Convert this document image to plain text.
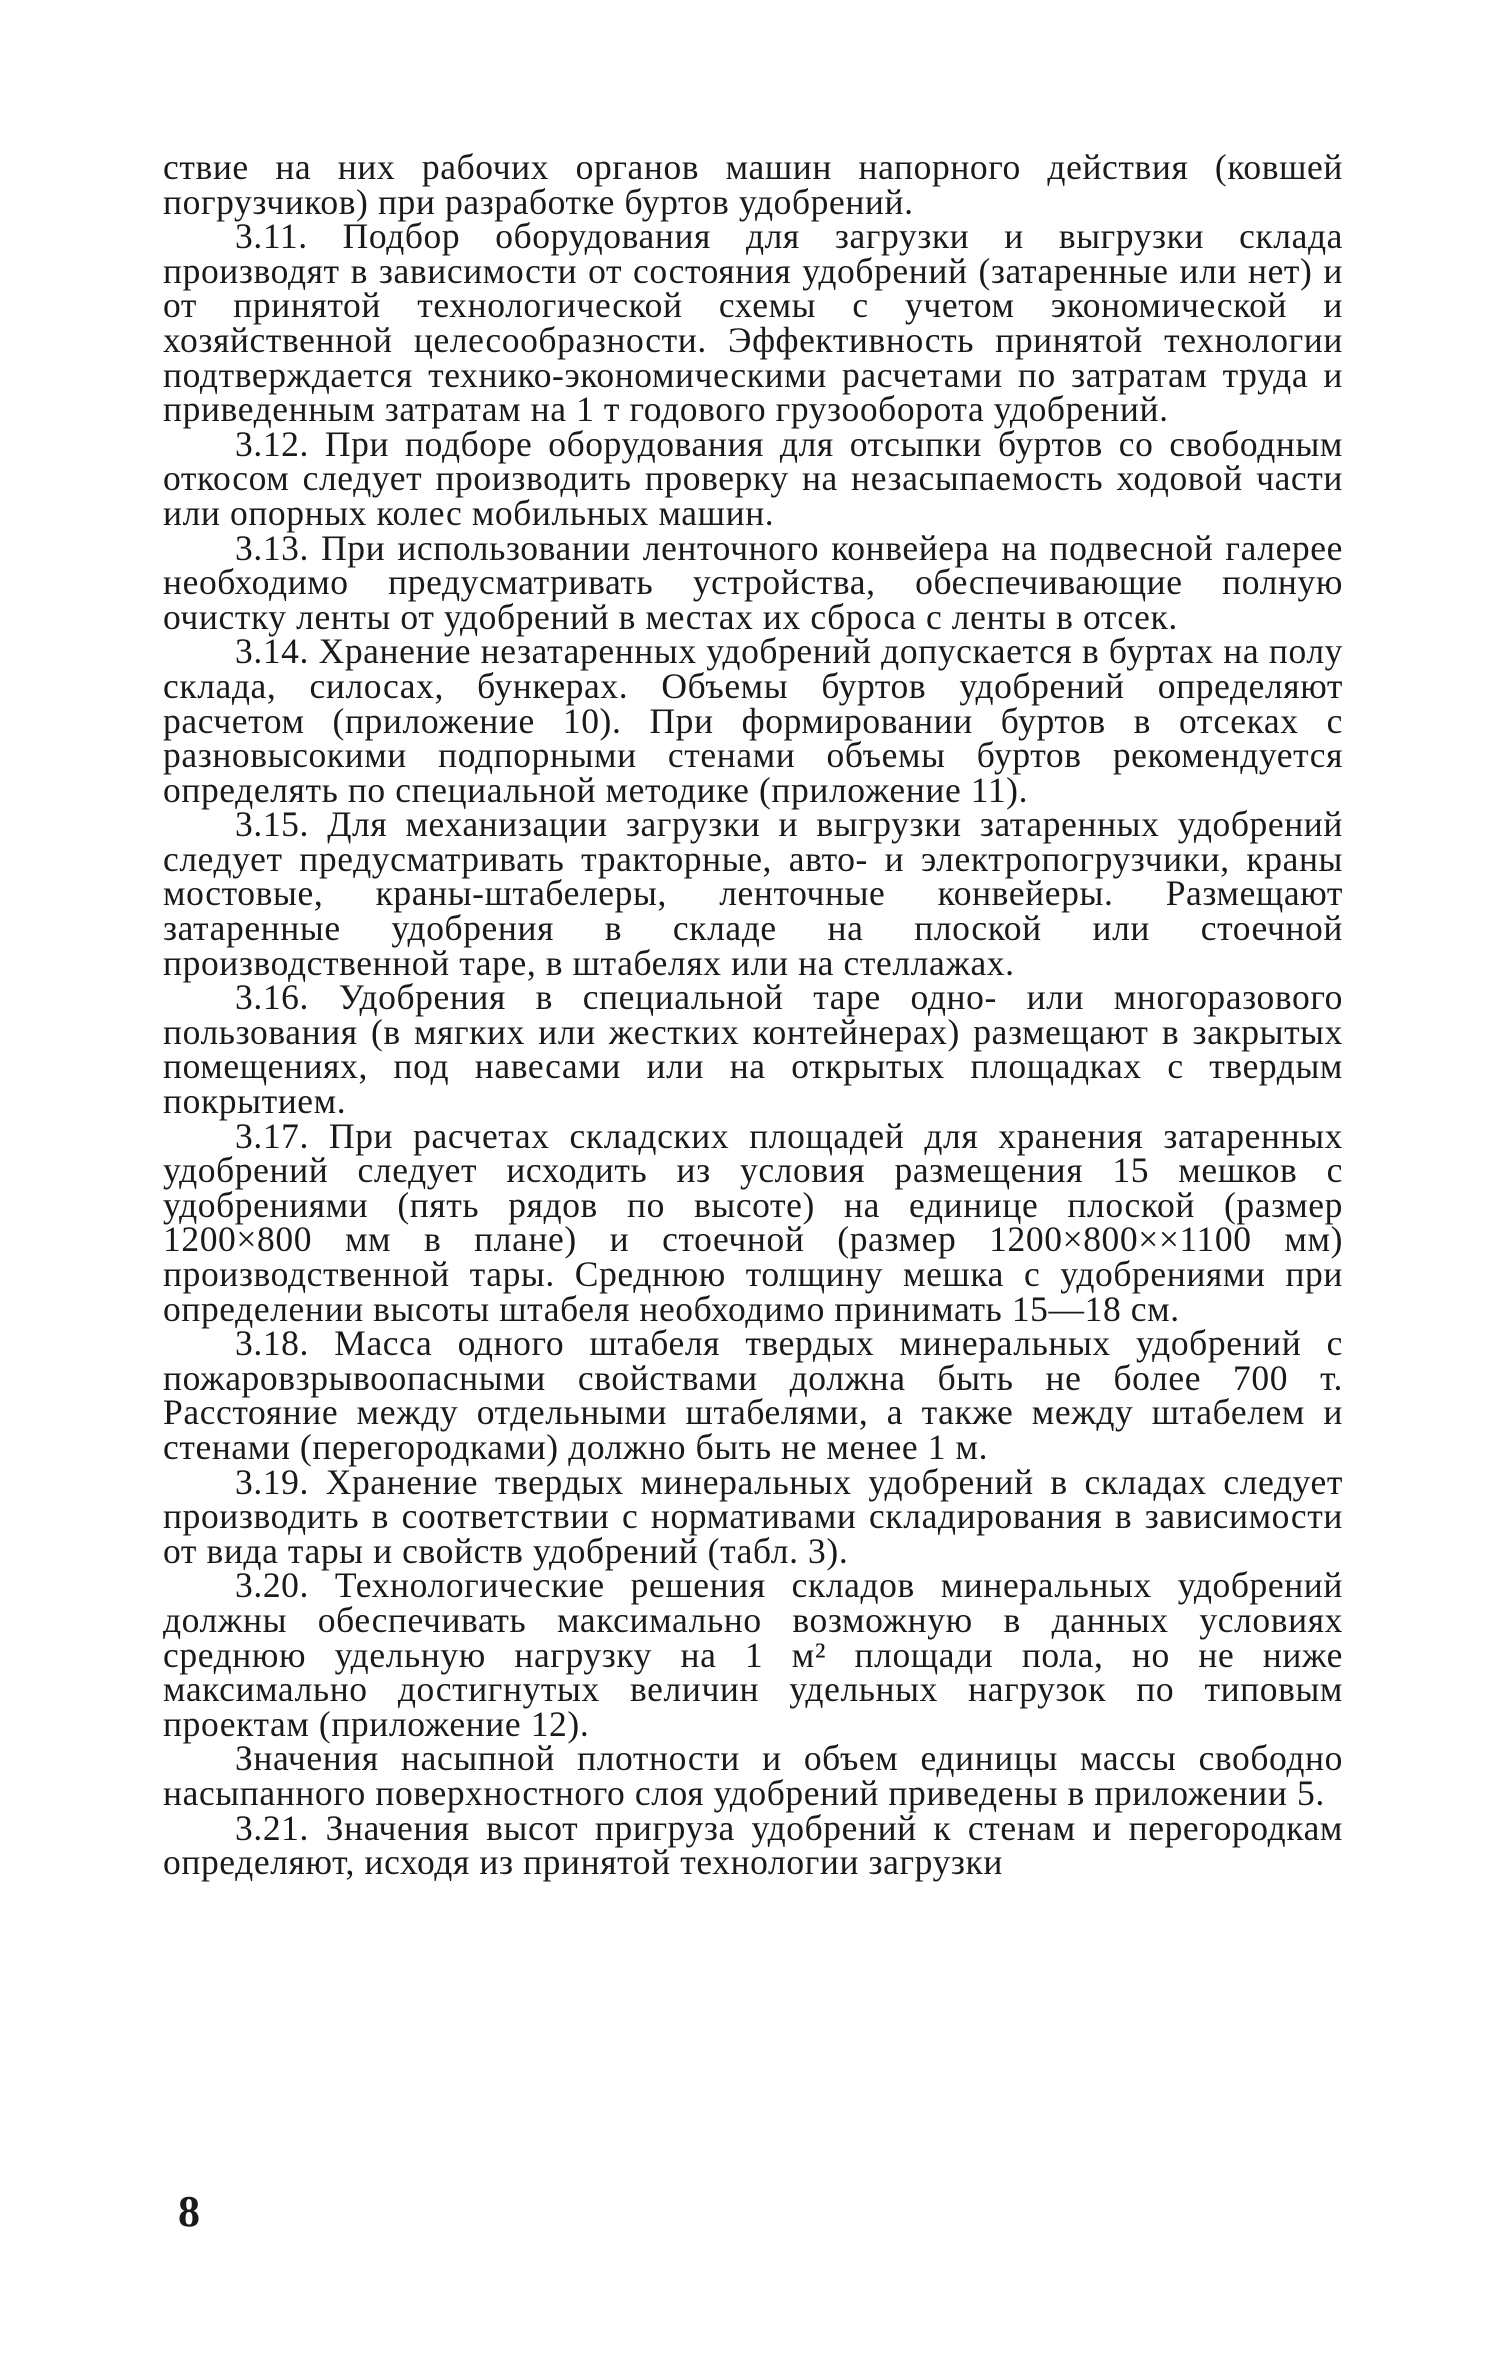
ствие на них рабочих органов машин напорного действия (ковшей погрузчиков) при разработке буртов удобрений.

3.11. Подбор оборудования для загрузки и выгрузки склада производят в зависимости от состояния удобрений (затаренные или нет) и от принятой технологической схемы с учетом экономической и хозяйственной целесообразности. Эффективность принятой технологии подтверждается технико-экономическими расчетами по затратам труда и приведенным затратам на 1 т годового грузооборота удобрений.

3.12. При подборе оборудования для отсыпки буртов со свободным откосом следует производить проверку на незасыпаемость ходовой части или опорных колес мобильных машин.

3.13. При использовании ленточного конвейера на подвесной галерее необходимо предусматривать устройства, обеспечивающие полную очистку ленты от удобрений в местах их сброса с ленты в отсек.

3.14. Хранение незатаренных удобрений допускается в буртах на полу склада, силосах, бункерах. Объемы буртов удобрений определяют расчетом (приложение 10). При формировании буртов в отсеках с разновысокими подпорными стенами объемы буртов рекомендуется определять по специальной методике (приложение 11).

3.15. Для механизации загрузки и выгрузки затаренных удобрений следует предусматривать тракторные, авто- и электропогрузчики, краны мостовые, краны-штабелеры, ленточные конвейеры. Размещают затаренные удобрения в складе на плоской или стоечной производственной таре, в штабелях или на стеллажах.

3.16. Удобрения в специальной таре одно- или многоразового пользования (в мягких или жестких контейнерах) размещают в закрытых помещениях, под навесами или на открытых площадках с твердым покрытием.

3.17. При расчетах складских площадей для хранения затаренных удобрений следует исходить из условия размещения 15 мешков с удобрениями (пять рядов по высоте) на единице плоской (размер 1200×800 мм в плане) и стоечной (размер 1200×800××1100 мм) производственной тары. Среднюю толщину мешка с удобрениями при определении высоты штабеля необходимо принимать 15—18 см.

3.18. Масса одного штабеля твердых минеральных удобрений с пожаровзрывоопасными свойствами должна быть не более 700 т. Расстояние между отдельными штабелями, а также между штабелем и стенами (перегородками) должно быть не менее 1 м.

3.19. Хранение твердых минеральных удобрений в складах следует производить в соответствии с нормативами складирования в зависимости от вида тары и свойств удобрений (табл. 3).

3.20. Технологические решения складов минеральных удобрений должны обеспечивать максимально возможную в данных условиях среднюю удельную нагрузку на 1 м² площади пола, но не ниже максимально достигнутых величин удельных нагрузок по типовым проектам (приложение 12).

Значения насыпной плотности и объем единицы массы свободно насыпанного поверхностного слоя удобрений приведены в приложении 5.

3.21. Значения высот пригруза удобрений к стенам и перегородкам определяют, исходя из принятой технологии загрузки

8
